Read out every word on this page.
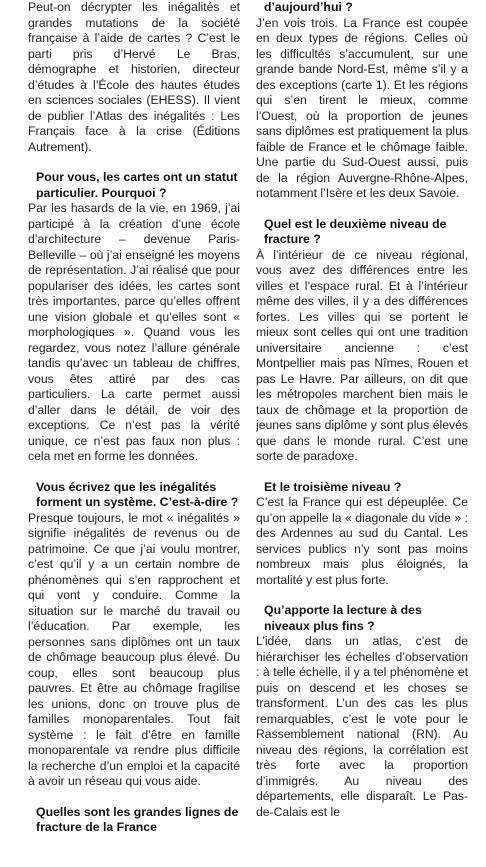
Peut-on décrypter les inégalités et grandes mutations de la société française à l’aide de cartes ? C’est le parti pris d’Hervé Le Bras, démographe et historien, directeur d’études à l’École des hautes études en sciences sociales (EHESS). Il vient de publier l’Atlas des inégalités : Les Français face à la crise (Éditions Autrement).

Pour vous, les cartes ont un statut particulier. Pourquoi ?

Par les hasards de la vie, en 1969, j’ai participé à la création d’une école d’architecture – devenue Paris-Belleville – où j’ai enseigné les moyens de représentation. J’ai réalisé que pour populariser des idées, les cartes sont très importantes, parce qu’elles offrent une vision globale et qu’elles sont « morphologiques ». Quand vous les regardez, vous notez l’allure générale tandis qu’avec un tableau de chiffres, vous êtes attiré par des cas particuliers. La carte permet aussi d’aller dans le détail, de voir des exceptions. Ce n’est pas la vérité unique, ce n’est pas faux non plus : cela met en forme les données.

Vous écrivez que les inégalités forment un système. C’est-à-dire ?

Presque toujours, le mot « inégalités » signifie inégalités de revenus ou de patrimoine. Ce que j’ai voulu montrer, c’est qu’il y a un certain nombre de phénomènes qui s’en rapprochent et qui vont y conduire. Comme la situation sur le marché du travail ou l’éducation. Par exemple, les personnes sans diplômes ont un taux de chômage beaucoup plus élevé. Du coup, elles sont beaucoup plus pauvres. Et être au chômage fragilise les unions, donc on trouve plus de familles monoparentales. Tout fait système : le fait d’être en famille monoparentale va rendre plus difficile la recherche d’un emploi et la capacité à avoir un réseau qui vous aide.

Quelles sont les grandes lignes de fracture de la France
d’aujourd’hui ?

J’en vois trois. La France est coupée en deux types de régions. Celles où les difficultés s’accumulent, sur une grande bande Nord-Est, même s’il y a des exceptions (carte 1). Et les régions qui s’en tirent le mieux, comme l’Ouest, où la proportion de jeunes sans diplômes est pratiquement la plus faible de France et le chômage faible. Une partie du Sud-Ouest aussi, puis de la région Auvergne-Rhône-Alpes, notamment l’Isère et les deux Savoie.

Quel est le deuxième niveau de fracture ?

À l’intérieur de ce niveau régional, vous avez des différences entre les villes et l’espace rural. Et à l’intérieur même des villes, il y a des différences fortes. Les villes qui se portent le mieux sont celles qui ont une tradition universitaire ancienne : c’est Montpellier mais pas Nîmes, Rouen et pas Le Havre. Par ailleurs, on dit que les métropoles marchent bien mais le taux de chômage et la proportion de jeunes sans diplôme y sont plus élevés que dans le monde rural. C’est une sorte de paradoxe.

Et le troisième niveau ?

C’est la France qui est dépeuplée. Ce qu’on appelle la « diagonale du vide » : des Ardennes au sud du Cantal. Les services publics n’y sont pas moins nombreux mais plus éloignés, la mortalité y est plus forte.

Qu’apporte la lecture à des niveaux plus fins ?

L’idée, dans un atlas, c’est de hiérarchiser les échelles d’observation : à telle échelle, il y a tel phénomène et puis on descend et les choses se transforment. L’un des cas les plus remarquables, c’est le vote pour le Rassemblement national (RN). Au niveau des régions, la corrélation est très forte avec la proportion d’immigrés. Au niveau des départements, elle disparaît. Le Pas-de-Calais est le
